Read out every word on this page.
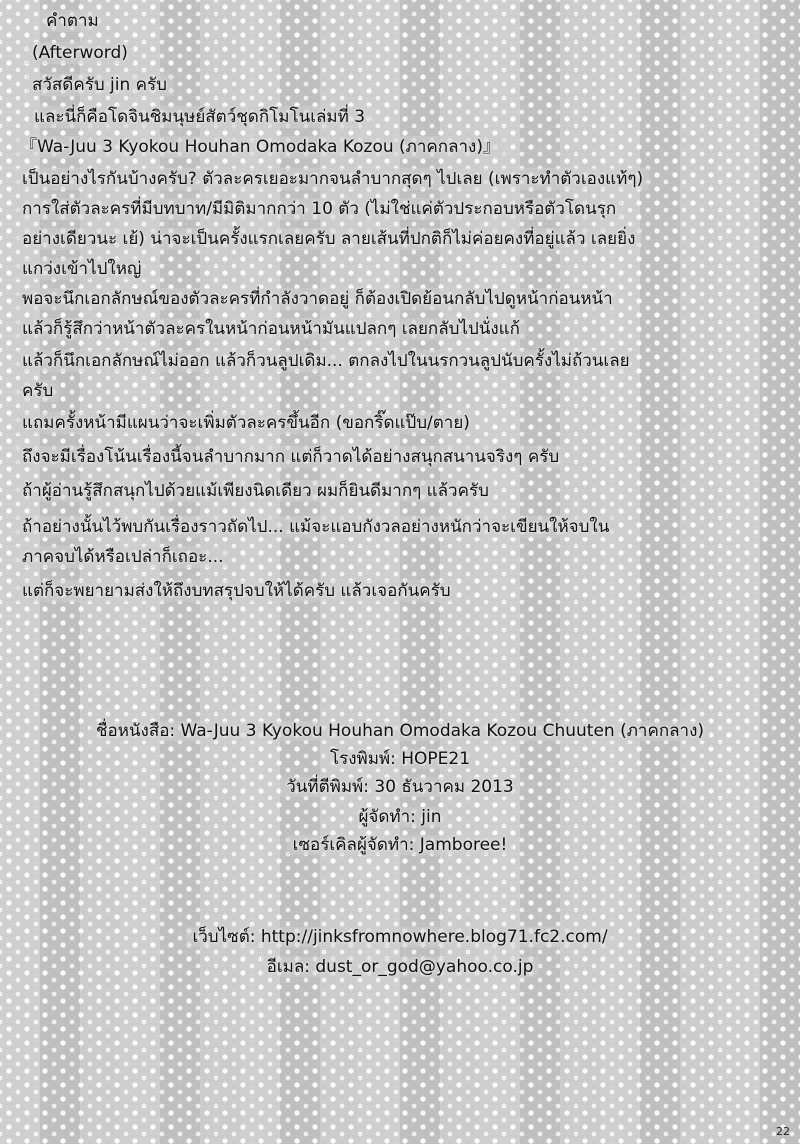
คำตาม
(Afterword)
สวัสดีครับ jin ครับ
และนี่ก็คือโดจินชิมนุษย์สัตว์ชุดกิโมโนเล่มที่ 3
『Wa-Juu 3 Kyokou Houhan Omodaka Kozou (ภาคกลาง)』
เป็นอย่างไรกันบ้างครับ? ตัวละครเยอะมากจนลำบากสุดๆ ไปเลย (เพราะทำตัวเองแท้ๆ)
การใส่ตัวละครที่มีบทบาท/มีมิติมากกว่า 10 ตัว (ไม่ใช่แค่ตัวประกอบหรือตัวโดนรุก
อย่างเดียวนะ เย้) น่าจะเป็นครั้งแรกเลยครับ ลายเส้นที่ปกติก็ไม่ค่อยคงที่อยู่แล้ว เลยยิ่ง
แกว่งเข้าไปใหญ่
พอจะนึกเอกลักษณ์ของตัวละครที่กำลังวาดอยู่ ก็ต้องเปิดย้อนกลับไปดูหน้าก่อนหน้า
แล้วก็รู้สึกว่าหน้าตัวละครในหน้าก่อนหน้ามันแปลกๆ เลยกลับไปนั่งแก้
แล้วก็นึกเอกลักษณ์ไม่ออก แล้วก็วนลูปเดิม... ตกลงไปในนรกวนลูปนับครั้งไม่ถ้วนเลย
ครับ
แถมครั้งหน้ามีแผนว่าจะเพิ่มตัวละครขึ้นอีก (ขอกริ๊ดแป๊บ/ตาย)
ถึงจะมีเรื่องโน้นเรื่องนี้จนลำบากมาก แต่ก็วาดได้อย่างสนุกสนานจริงๆ ครับ
ถ้าผู้อ่านรู้สึกสนุกไปด้วยแม้เพียงนิดเดียว ผมก็ยินดีมากๆ แล้วครับ
ถ้าอย่างนั้นไว้พบกันเรื่องราวถัดไป... แม้จะแอบกังวลอย่างหนักว่าจะเขียนให้จบใน
ภาคจบได้หรือเปล่าก็เถอะ...
แต่ก็จะพยายามส่งให้ถึงบทสรุปจบให้ได้ครับ แล้วเจอกันครับ
ชื่อหนังสือ: Wa-Juu 3 Kyokou Houhan Omodaka Kozou Chuuten (ภาคกลาง)
โรงพิมพ์: HOPE21
วันที่ตีพิมพ์: 30 ธันวาคม 2013
ผู้จัดทำ: jin
เซอร์เคิลผู้จัดทำ: Jamboree!
เว็บไซต์: http://jinksfromnowhere.blog71.fc2.com/
อีเมล: dust_or_god@yahoo.co.jp
22
